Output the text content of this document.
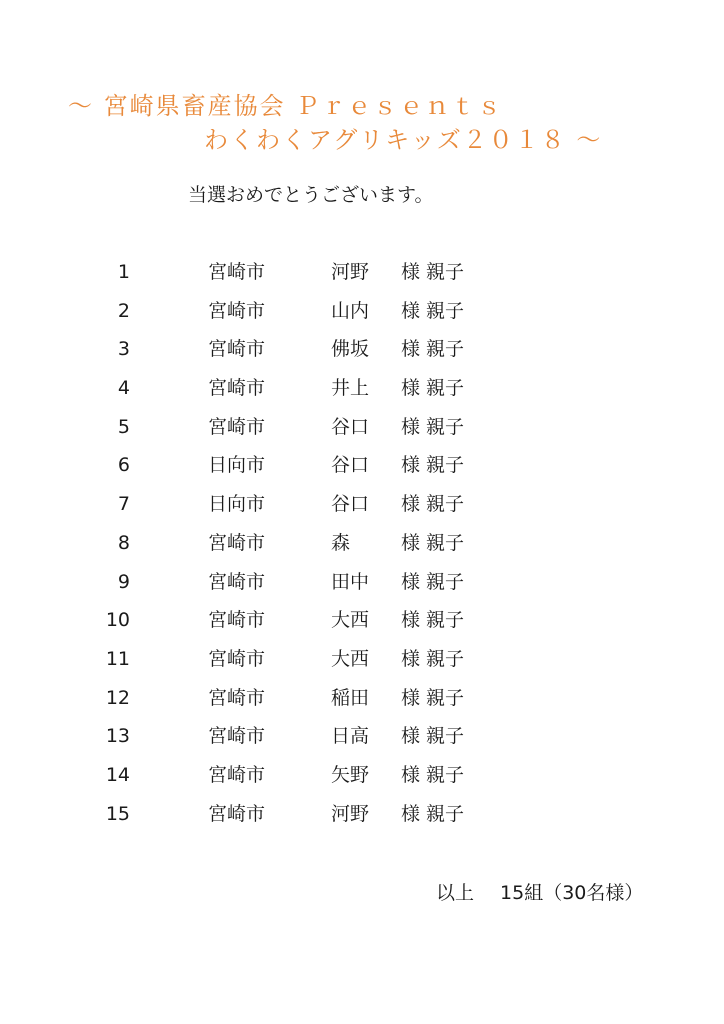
～ 宮崎県畜産協会 Ｐｒｅｓｅｎｔｓ
わくわくアグリキッズ２０１８ ～
当選おめでとうございます。
1	宮崎市	河野 様 親子
2	宮崎市	山内 様 親子
3	宮崎市	佛坂 様 親子
4	宮崎市	井上 様 親子
5	宮崎市	谷口 様 親子
6	日向市	谷口 様 親子
7	日向市	谷口 様 親子
8	宮崎市	森	様 親子
9	宮崎市	田中 様 親子
10	宮崎市	大西 様 親子
11	宮崎市	大西 様 親子
12	宮崎市	稲田 様 親子
13	宮崎市	日高 様 親子
14	宮崎市	矢野 様 親子
15	宮崎市	河野 様 親子
以上 15組（30名様）
